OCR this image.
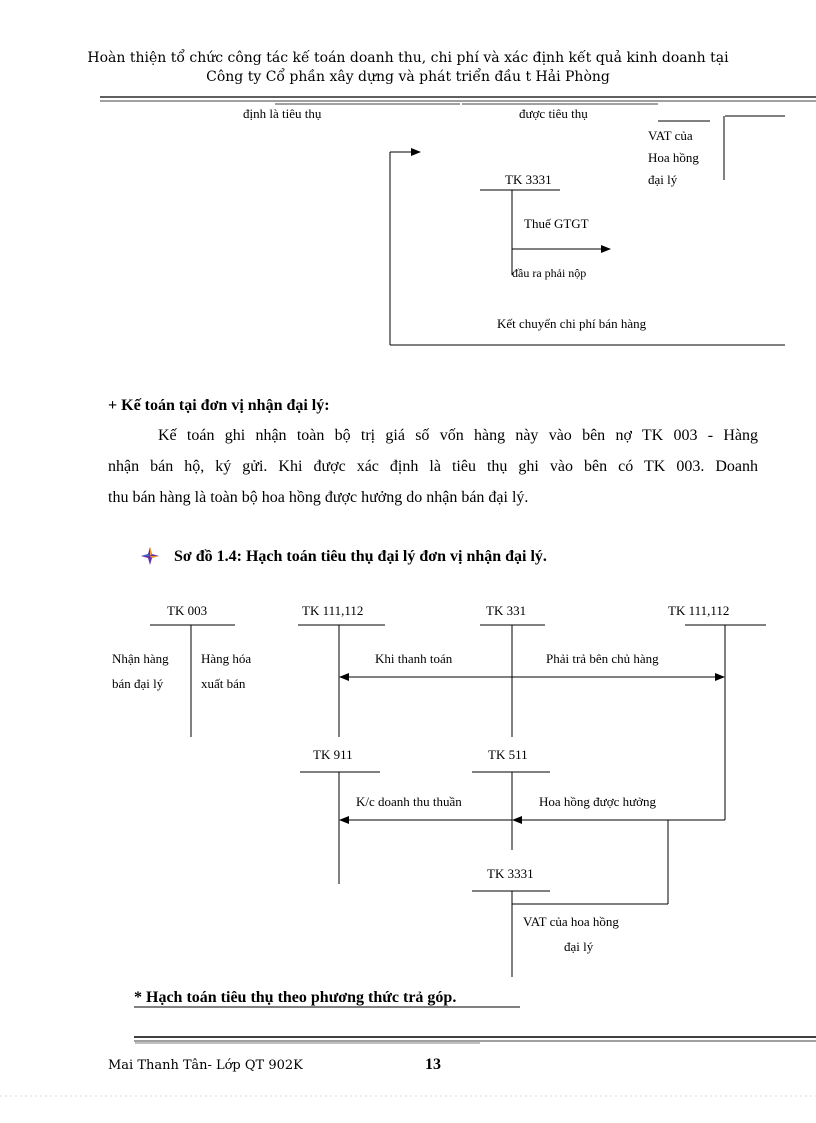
Hoàn thiện tổ chức công tác kế toán doanh thu, chi phí và xác định kết quả kinh doanh tại
Công ty Cổ phần xây dựng và phát triển đầu t Hải Phòng
định là tiêu thụ	được tiêu thụ
VAT của
Hoa hồng
đại lý
TK 3331
Thuế GTGT
đầu ra phải nộp
Kết chuyển chi phí bán hàng
+ Kế toán tại đơn vị nhận đại lý:
Kế toán ghi nhận toàn bộ trị giá số vốn hàng này vào bên nợ TK 003 - Hàng
nhận bán hộ, ký gửi. Khi được xác định là tiêu thụ ghi vào bên có TK 003. Doanh
thu bán hàng là toàn bộ hoa hồng được hưởng do nhận bán đại lý.
Sơ đồ 1.4: Hạch toán tiêu thụ đại lý đơn vị nhận đại lý.
TK 003	TK 111,112	TK 331	TK 111,112
Nhận hàng
bán đại lý
Hàng hóa
xuất bán
Khi thanh toán	Phải trả bên chủ hàng
TK 911	TK 511
K/c doanh thu thuần	Hoa hồng được hưởng
TK 3331
VAT của hoa hồng
đại lý
* Hạch toán tiêu thụ theo phương thức trả góp.
Mai Thanh Tân- Lớp QT 902K	13
